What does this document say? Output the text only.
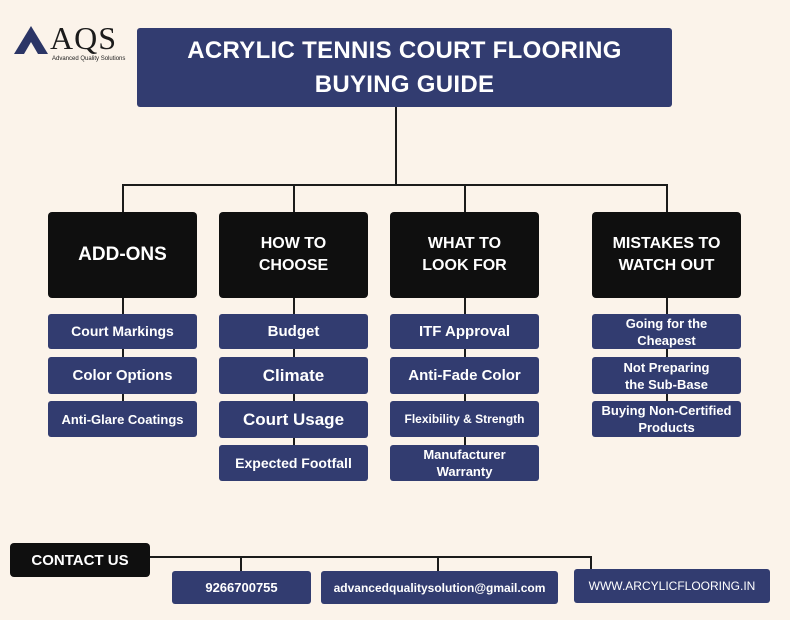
AQS
Advanced Quality Solutions	ACRYLIC TENNIS COURT FLOORING
BUYING GUIDE
ADD-ONS
Court Markings
Color Options
Anti-Glare Coatings
HOW TO CHOOSE
Budget
Climate
Court Usage
Expected Footfall
WHAT TO LOOK FOR
ITF Approval
Anti-Fade Color
Flexibility & Strength
Manufacturer Warranty
MISTAKES TO WATCH OUT
Going for the Cheapest
Not Preparing the Sub-Base
Buying Non-Certified Products
CONTACT US
9266700755	advancedqualitysolution@gmail.com	WWW.ARCYLICFLOORING.IN
